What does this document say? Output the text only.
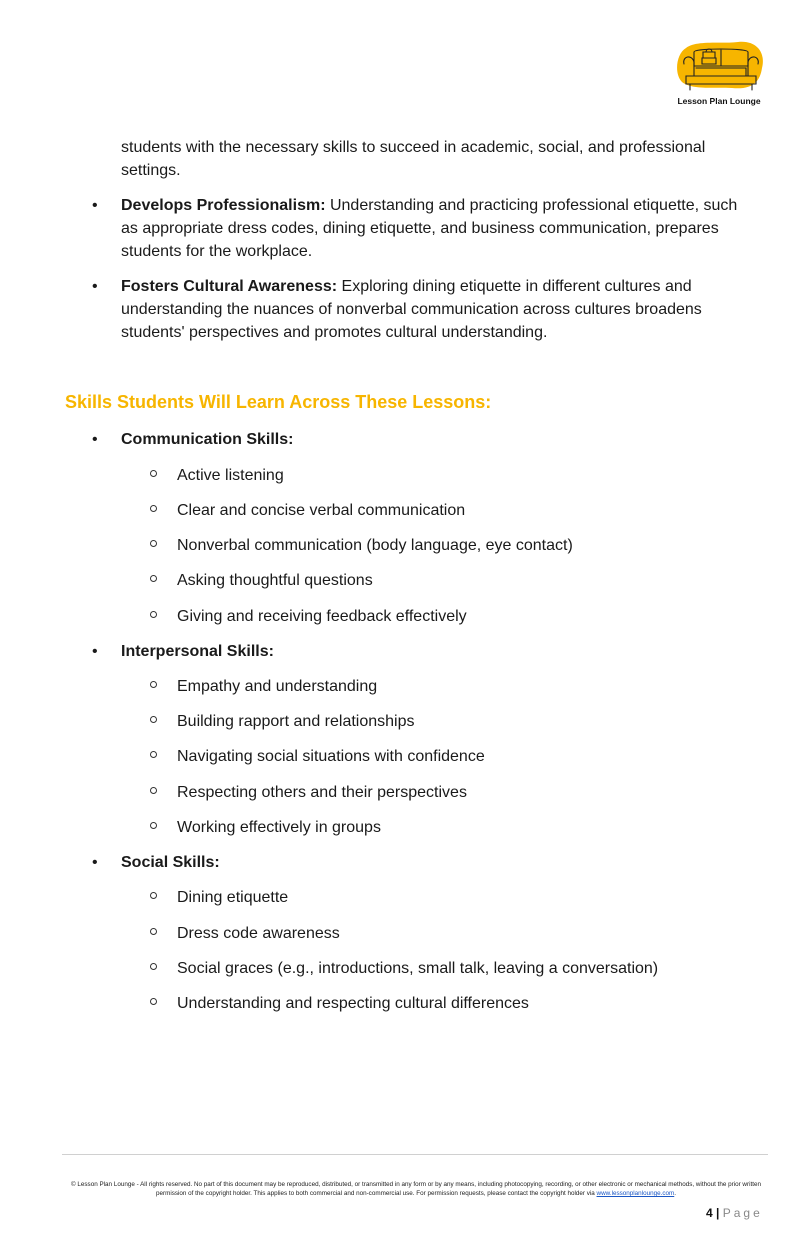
Lesson Plan Lounge
students with the necessary skills to succeed in academic, social, and professional settings.
• Develops Professionalism: Understanding and practicing professional etiquette, such as appropriate dress codes, dining etiquette, and business communication, prepares students for the workplace.
• Fosters Cultural Awareness: Exploring dining etiquette in different cultures and understanding the nuances of nonverbal communication across cultures broadens students' perspectives and promotes cultural understanding.
Skills Students Will Learn Across These Lessons:
• Communication Skills:
Active listening
Clear and concise verbal communication
Nonverbal communication (body language, eye contact)
Asking thoughtful questions
Giving and receiving feedback effectively
• Interpersonal Skills:
Empathy and understanding
Building rapport and relationships
Navigating social situations with confidence
Respecting others and their perspectives
Working effectively in groups
• Social Skills:
Dining etiquette
Dress code awareness
Social graces (e.g., introductions, small talk, leaving a conversation)
Understanding and respecting cultural differences
© Lesson Plan Lounge - All rights reserved. No part of this document may be reproduced, distributed, or transmitted in any form or by any means, including photocopying, recording, or other electronic or mechanical methods, without the prior written permission of the copyright holder. This applies to both commercial and non-commercial use. For permission requests, please contact the copyright holder via www.lessonplanlounge.com.
4 | Page
